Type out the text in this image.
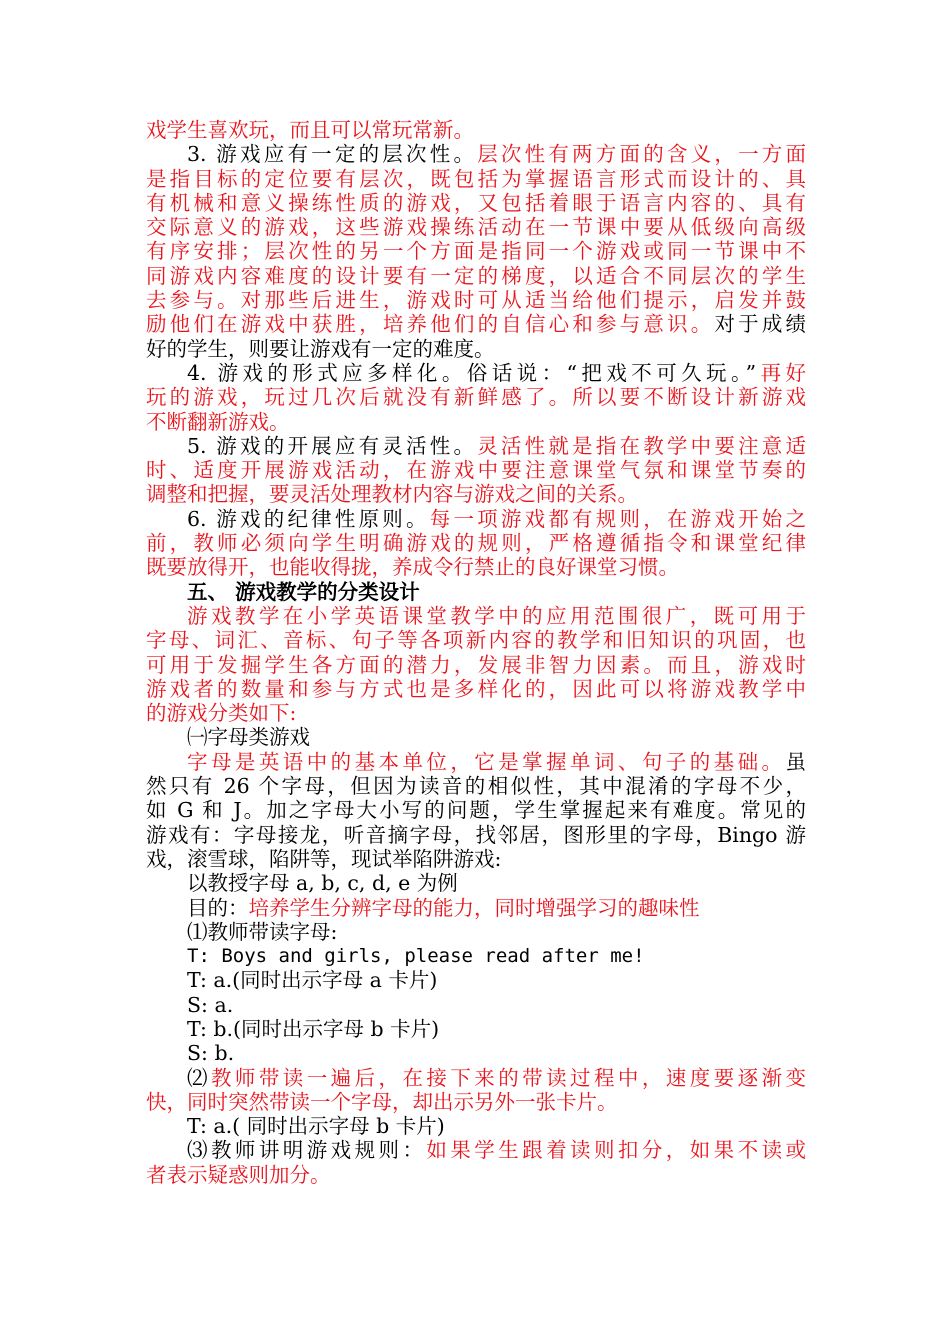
戏学生喜欢玩，而且可以常玩常新。
3. 游戏应有一定的层次性。层次性有两方面的含义，一方面
是指目标的定位要有层次，既包括为掌握语言形式而设计的、具
有机械和意义操练性质的游戏，又包括着眼于语言内容的、具有
交际意义的游戏，这些游戏操练活动在一节课中要从低级向高级
有序安排；层次性的另一个方面是指同一个游戏或同一节课中不
同游戏内容难度的设计要有一定的梯度，以适合不同层次的学生
去参与。对那些后进生，游戏时可从适当给他们提示，启发并鼓
励他们在游戏中获胜，培养他们的自信心和参与意识。对于成绩
好的学生，则要让游戏有一定的难度。
4. 游戏的形式应多样化。俗话说：“把戏不可久玩。”再好
玩的游戏，玩过几次后就没有新鲜感了。所以要不断设计新游戏
不断翻新游戏。
5. 游戏的开展应有灵活性。灵活性就是指在教学中要注意适
时、适度开展游戏活动，在游戏中要注意课堂气氛和课堂节奏的
调整和把握，要灵活处理教材内容与游戏之间的关系。
6. 游戏的纪律性原则。每一项游戏都有规则，在游戏开始之
前，教师必须向学生明确游戏的规则，严格遵循指令和课堂纪律
既要放得开，也能收得拢，养成令行禁止的良好课堂习惯。
五、 游戏教学的分类设计
游戏教学在小学英语课堂教学中的应用范围很广，既可用于
字母、词汇、音标、句子等各项新内容的教学和旧知识的巩固，也
可用于发掘学生各方面的潜力，发展非智力因素。而且，游戏时
游戏者的数量和参与方式也是多样化的，因此可以将游戏教学中
的游戏分类如下:
㈠字母类游戏
字母是英语中的基本单位，它是掌握单词、句子的基础。虽
然只有 26 个字母，但因为读音的相似性，其中混淆的字母不少，
如 G 和 J。加之字母大小写的问题，学生掌握起来有难度。常见的
游戏有：字母接龙，听音摘字母，找邻居，图形里的字母，Bingo 游
戏，滚雪球，陷阱等，现试举陷阱游戏:
以教授字母 a, b, c, d, e 为例
目的：培养学生分辨字母的能力，同时增强学习的趣味性
⑴教师带读字母:
T: Boys and girls, please read after me!
T: a.(同时出示字母 a 卡片)
S: a.
T: b.(同时出示字母 b 卡片)
S: b.
⑵教师带读一遍后，在接下来的带读过程中，速度要逐渐变
快，同时突然带读一个字母，却出示另外一张卡片。
T: a.( 同时出示字母 b 卡片)
⑶教师讲明游戏规则：如果学生跟着读则扣分，如果不读或
者表示疑惑则加分。
